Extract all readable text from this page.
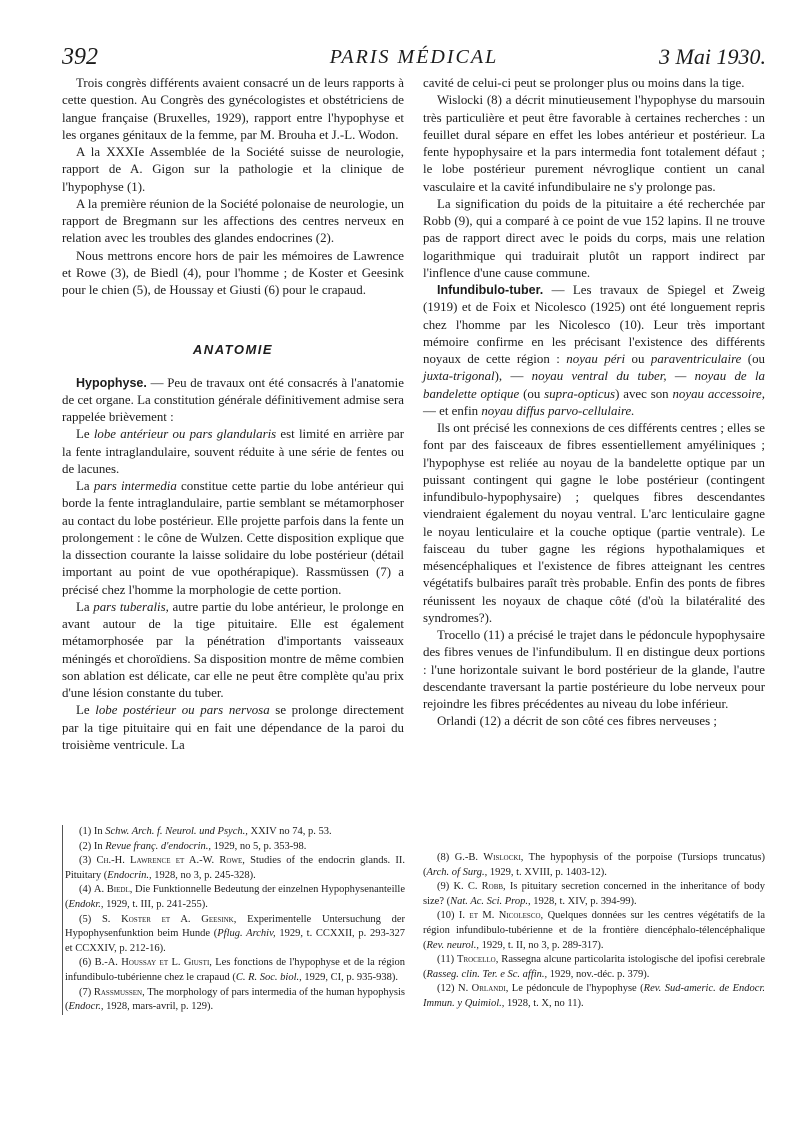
392	PARIS MÉDICAL	3 Mai 1930.

Trois congrès différents avaient consacré un de leurs rapports à cette question. Au Congrès des gynécologistes et obstétriciens de langue française (Bruxelles, 1929), rapport entre l'hypophyse et les organes génitaux de la femme, par M. Brouha et J.-L. Wodon.

A la XXXIe Assemblée de la Société suisse de neurologie, rapport de A. Gigon sur la pathologie et la clinique de l'hypophyse (1).

A la première réunion de la Société polonaise de neurologie, un rapport de Bregmann sur les affections des centres nerveux en relation avec les troubles des glandes endocrines (2).

Nous mettrons encore hors de pair les mémoires de Lawrence et Rowe (3), de Biedl (4), pour l'homme ; de Koster et Geesink pour le chien (5), de Houssay et Giusti (6) pour le crapaud.

ANATOMIE

Hypophyse. — Peu de travaux ont été consacrés à l'anatomie de cet organe. La constitution générale définitivement admise sera rappelée brièvement :

Le lobe antérieur ou pars glandularis est limité en arrière par la fente intraglandulaire, souvent réduite à une série de fentes ou de lacunes.

La pars intermedia constitue cette partie du lobe antérieur qui borde la fente intraglandulaire, partie semblant se métamorphoser au contact du lobe postérieur. Elle projette parfois dans la fente un prolongement : le cône de Wulzen. Cette disposition explique que la dissection courante la laisse solidaire du lobe postérieur (détail important au point de vue opothérapique). Rassmüssen (7) a précisé chez l'homme la morphologie de cette portion.

La pars tuberalis, autre partie du lobe antérieur, le prolonge en avant autour de la tige pituitaire. Elle est également métamorphosée par la pénétration d'importants vaisseaux méningés et choroïdiens. Sa disposition montre de même combien son ablation est délicate, car elle ne peut être complète qu'au prix d'une lésion constante du tuber.

Le lobe postérieur ou pars nervosa se prolonge directement par la tige pituitaire qui en fait une dépendance de la paroi du troisième ventricule. La

cavité de celui-ci peut se prolonger plus ou moins dans la tige.

Wislocki (8) a décrit minutieusement l'hypophyse du marsouin très particulière et peut être favorable à certaines recherches : un feuillet dural sépare en effet les lobes antérieur et postérieur. La fente hypophysaire et la pars intermedia font totalement défaut ; le lobe postérieur purement névroglique contient un canal vasculaire et la cavité infundibulaire ne s'y prolonge pas.

La signification du poids de la pituitaire a été recherchée par Robb (9), qui a comparé à ce point de vue 152 lapins. Il ne trouve pas de rapport direct avec le poids du corps, mais une relation logarithmique qui traduirait plutôt un rapport indirect par l'inflence d'une cause commune.

Infundibulo-tuber. — Les travaux de Spiegel et Zweig (1919) et de Foix et Nicolesco (1925) ont été longuement repris chez l'homme par les Nicolesco (10). Leur très important mémoire confirme en les précisant l'existence des différents noyaux de cette région : noyau péri ou paraventriculaire (ou juxta-trigonal), — noyau ventral du tuber, — noyau de la bandelette optique (ou supra-opticus) avec son noyau accessoire, — et enfin noyau diffus parvo-cellulaire.

Ils ont précisé les connexions de ces différents centres ; elles se font par des faisceaux de fibres essentiellement amyéliniques ; l'hypophyse est reliée au noyau de la bandelette optique par un puissant contingent qui gagne le lobe postérieur (contingent infundibulo-hypophysaire) ; quelques fibres descendantes viendraient également du noyau ventral. L'arc lenticulaire gagne le noyau lenticulaire et la couche optique (partie ventrale). Le faisceau du tuber gagne les régions hypothalamiques et mésencéphaliques et l'existence de fibres atteignant les centres végétatifs bulbaires paraît très probable. Enfin des ponts de fibres réunissent les noyaux de chaque côté (d'où la bilatéralité des syndromes?).

Trocello (11) a précisé le trajet dans le pédoncule hypophysaire des fibres venues de l'infundibulum. Il en distingue deux portions : l'une horizontale suivant le bord postérieur de la glande, l'autre descendante traversant la partie postérieure du lobe nerveux pour rejoindre les fibres précédentes au niveau du lobe inférieur.

Orlandi (12) a décrit de son côté ces fibres nerveuses ;

(1) In Schw. Arch. f. Neurol. und Psych., XXIV no 74, p. 53.

(2) In Revue franç. d'endocrin., 1929, no 5, p. 353-98.

(3) Ch.-H. Lawrence et A.-W. Rowe, Studies of the endocrin glands. II. Pituitary (Endocrin., 1928, no 3, p. 245-328).

(4) A. Biedl, Die Funktionnelle Bedeutung der einzelnen Hypophysenanteille (Endokr., 1929, t. III, p. 241-255).

(5) S. Koster et A. Geesink, Experimentelle Untersuchung der Hypophysenfunktion beim Hunde (Pflug. Archiv, 1929, t. CCXXII, p. 293-327 et CCXXIV, p. 212-16).

(6) B.-A. Houssay et L. Giusti, Les fonctions de l'hypophyse et de la région infundibulo-tubérienne chez le crapaud (C. R. Soc. biol., 1929, CI, p. 935-938).

(7) Rassmussen, The morphology of pars intermedia of the human hypophysis (Endocr., 1928, mars-avril, p. 129).

(8) G.-B. Wislocki, The hypophysis of the porpoise (Tursiops truncatus) (Arch. of Surg., 1929, t. XVIII, p. 1403-12).

(9) K. C. Robb, Is pituitary secretion concerned in the inheritance of body size? (Nat. Ac. Sci. Prop., 1928, t. XIV, p. 394-99).

(10) I. et M. Nicolesco, Quelques données sur les centres végétatifs de la région infundibulo-tubérienne et de la frontière diencéphalo-télencéphalique (Rev. neurol., 1929, t. II, no 3, p. 289-317).

(11) Trocello, Rassegna alcune particolarita istologische del ipofisi cerebrale (Rasseg. clin. Ter. e Sc. affin., 1929, nov.-déc. p. 379).

(12) N. Orlandi, Le pédoncule de l'hypophyse (Rev. Sud-americ. de Endocr. Immun. y Quimiol., 1928, t. X, no 11).
